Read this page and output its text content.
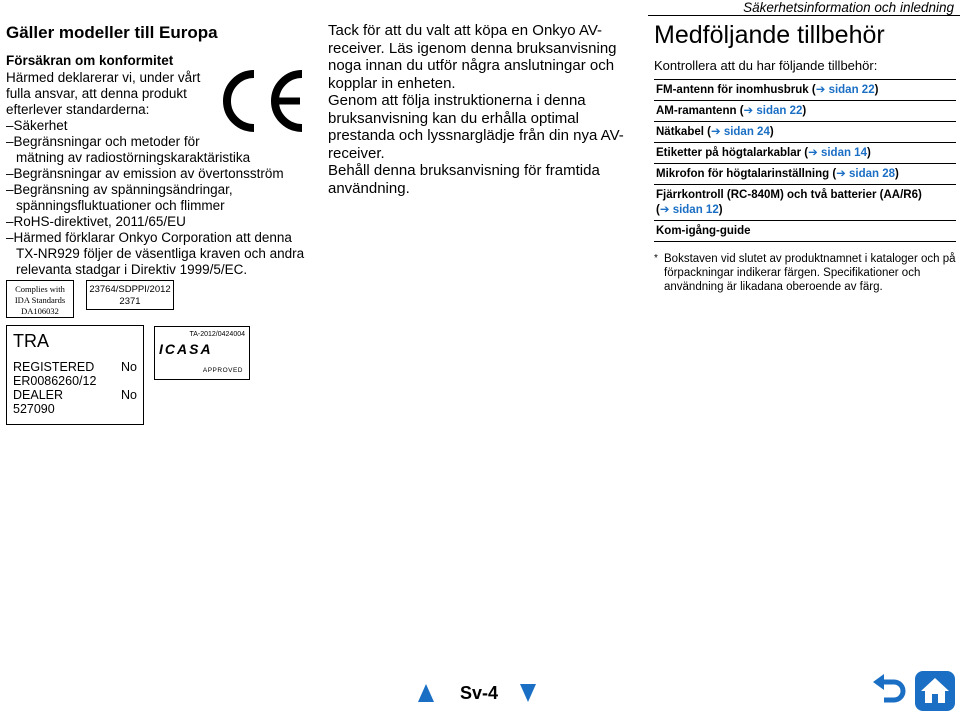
Säkerhetsinformation och inledning
Gäller modeller till Europa
Försäkran om konformitet
Härmed deklarerar vi, under vårt
fulla ansvar, att denna produkt
efterlever standarderna:
–Säkerhet
–Begränsningar och metoder för
mätning av radiostörningskaraktäristika
–Begränsningar av emission av övertonsström
–Begränsning av spänningsändringar,
spänningsfluktuationer och flimmer
–RoHS-direktivet, 2011/65/EU
–Härmed förklarar Onkyo Corporation att denna
TX-NR929 följer de väsentliga kraven och andra
relevanta stadgar i Direktiv 1999/5/EC.

Tack för att du valt att köpa en Onkyo AV-receiver. Läs igenom denna bruksanvisning noga innan du utför några anslutningar och kopplar in enheten.

Genom att följa instruktionerna i denna bruksanvisning kan du erhålla optimal prestanda och lyssnarglädje från din nya AV-receiver.

Behåll denna bruksanvisning för framtida användning.

Medföljande tillbehör
Kontrollera att du har följande tillbehör:
FM-antenn för inomhusbruk (➔ sidan 22)
AM-ramantenn (➔ sidan 22)
Nätkabel (➔ sidan 24)
Etiketter på högtalarkablar (➔ sidan 14)
Mikrofon för högtalarinställning (➔ sidan 28)
Fjärrkontroll (RC-840M) och två batterier (AA/R6)
(➔ sidan 12)
Kom-igång-guide
* Bokstaven vid slutet av produktnamnet i kataloger och på förpackningar indikerar färgen. Specifikationer och användning är likadana oberoende av färg.
Complies with
IDA Standards
DA106032
23764/SDPPI/2012
2371
TRA
REGISTERED No
ER0086260/12
DEALER	No
527090
TA-2012/0424004
ICASA
APPROVED
Sv-4
